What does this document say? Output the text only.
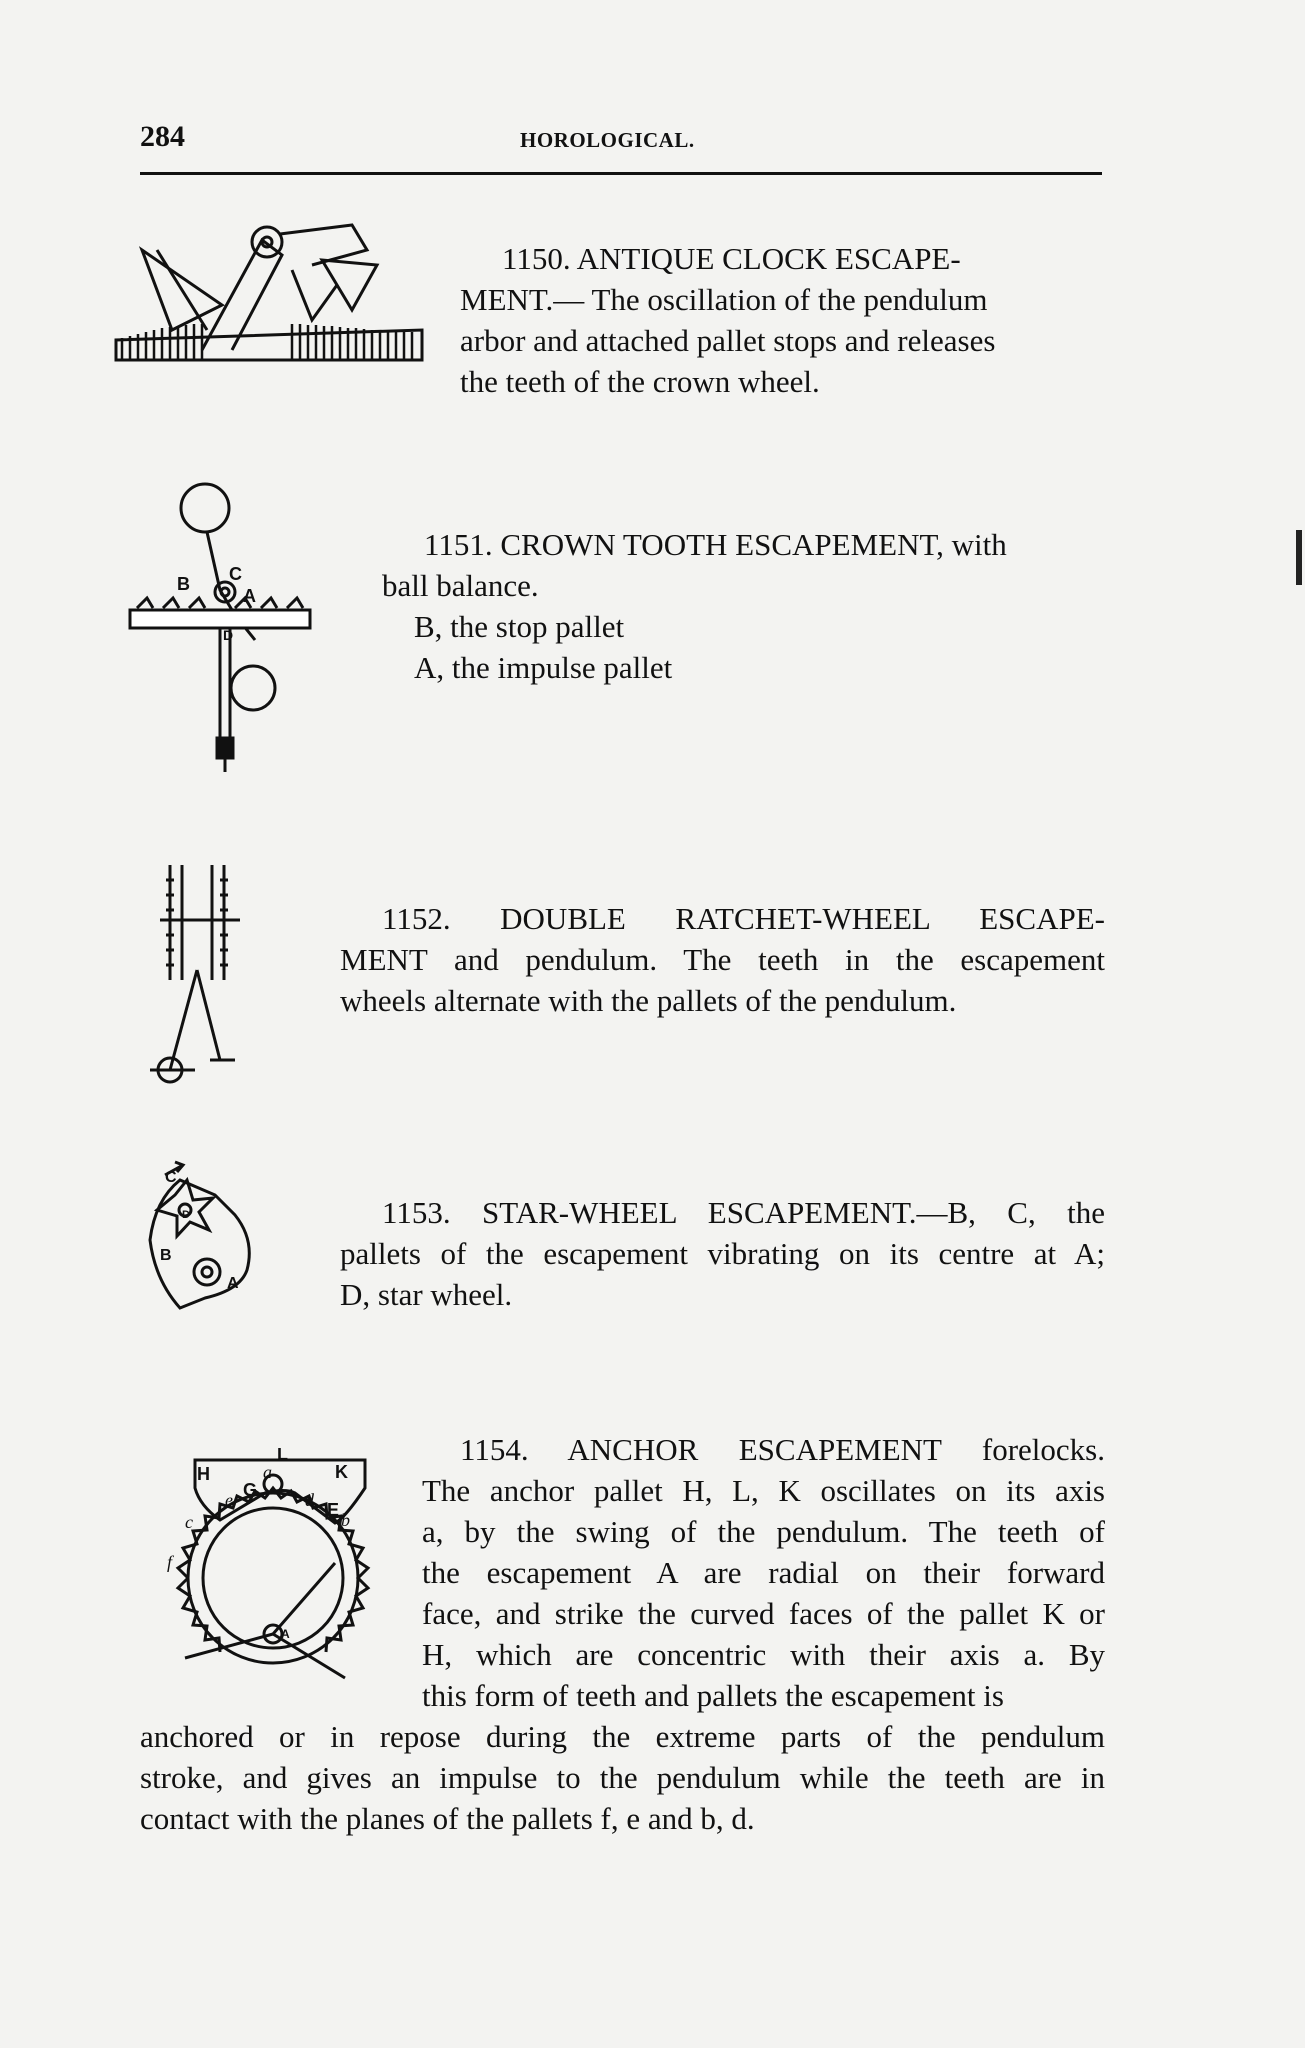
284	HOROLOGICAL.

1150. ANTIQUE CLOCK ESCAPE-
MENT.— The oscillation of the pendulum
arbor and attached pallet stops and releases
the teeth of the crown wheel.

B C
A
D

1151. CROWN TOOTH ESCAPEMENT, with
ball balance.
B, the stop pallet
A, the impulse pallet

1152. DOUBLE RATCHET-WHEEL ESCAPE-
MENT and pendulum. The teeth in the escapement
wheels alternate with the pallets of the pendulum.

C
B
D
A

1153. STAR-WHEEL ESCAPEMENT.—B, C, the
pallets of the escapement vibrating on its centre at A;
D, star wheel.

L
a
H	K
G
e
c
d E b
f
A

1154. ANCHOR ESCAPEMENT forelocks.
The anchor pallet H, L, K oscillates on its axis
a, by the swing of the pendulum. The teeth of
the escapement A are radial on their forward
face, and strike the curved faces of the pallet K or
H, which are concentric with their axis a. By
this form of teeth and pallets the escapement is
anchored or in repose during the extreme parts of the pendulum
stroke, and gives an impulse to the pendulum while the teeth are in
contact with the planes of the pallets f, e and b, d.
